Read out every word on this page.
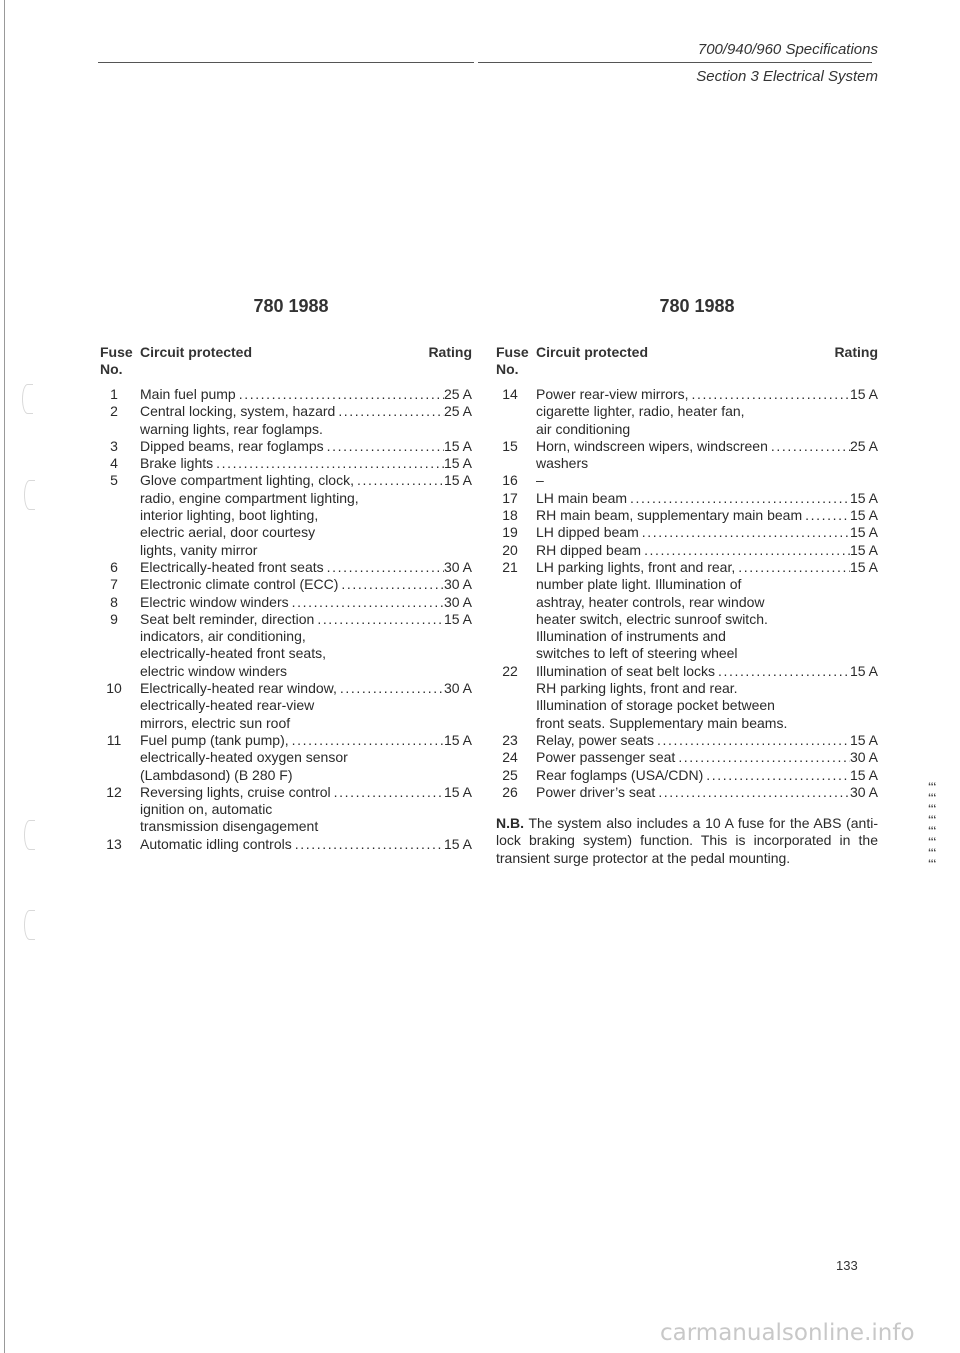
700/940/960 Specifications
Section 3 Electrical System
780 1988
Fuse
No.
Circuit protected	Rating
1	Main fuel pump .....	25 A
2	Central locking, system, hazard .....	25 A
warning lights, rear foglamps.
3	Dipped beams, rear foglamps .....	15 A
4	Brake lights .....	15 A
5	Glove compartment lighting, clock, .....	15 A
radio, engine compartment lighting,
interior lighting, boot lighting,
electric aerial, door courtesy
lights, vanity mirror
6	Electrically-heated front seats .....	30 A
7	Electronic climate control (ECC) .....	30 A
8	Electric window winders .....	30 A
9	Seat belt reminder, direction .....	15 A
indicators, air conditioning,
electrically-heated front seats,
electric window winders
10	Electrically-heated rear window, .....	30 A
electrically-heated rear-view
mirrors, electric sun roof
11	Fuel pump (tank pump), .....	15 A
electrically-heated oxygen sensor
(Lambdasond) (B 280 F)
12	Reversing lights, cruise control .....	15 A
ignition on, automatic
transmission disengagement
13	Automatic idling controls .....	15 A
780 1988
Fuse
No.
Circuit protected	Rating
14	Power rear-view mirrors, .....	15 A
cigarette lighter, radio, heater fan,
air conditioning
15	Horn, windscreen wipers, windscreen .....	25 A
washers
16	–
17	LH main beam .....	15 A
18	RH main beam, supplementary main beam .....	15 A
19	LH dipped beam .....	15 A
20	RH dipped beam .....	15 A
21	LH parking lights, front and rear, .....	15 A
number plate light. Illumination of
ashtray, heater controls, rear window
heater switch, electric sunroof switch.
Illumination of instruments and
switches to left of steering wheel
22	Illumination of seat belt locks .....	15 A
RH parking lights, front and rear.
Illumination of storage pocket between
front seats. Supplementary main beams.
23	Relay, power seats .....	15 A
24	Power passenger seat .....	30 A
25	Rear foglamps (USA/CDN) .....	15 A
26	Power driver’s seat .....	30 A
N.B. The system also includes a 10 A fuse for the ABS (anti-lock braking system) function. This is incorporated in the transient surge protector at the pedal mounting.
‘‘‘
‘‘‘
‘‘‘
‘‘‘
‘‘‘
‘‘‘
‘‘‘
‘‘‘
133
carmanualsonline.info
